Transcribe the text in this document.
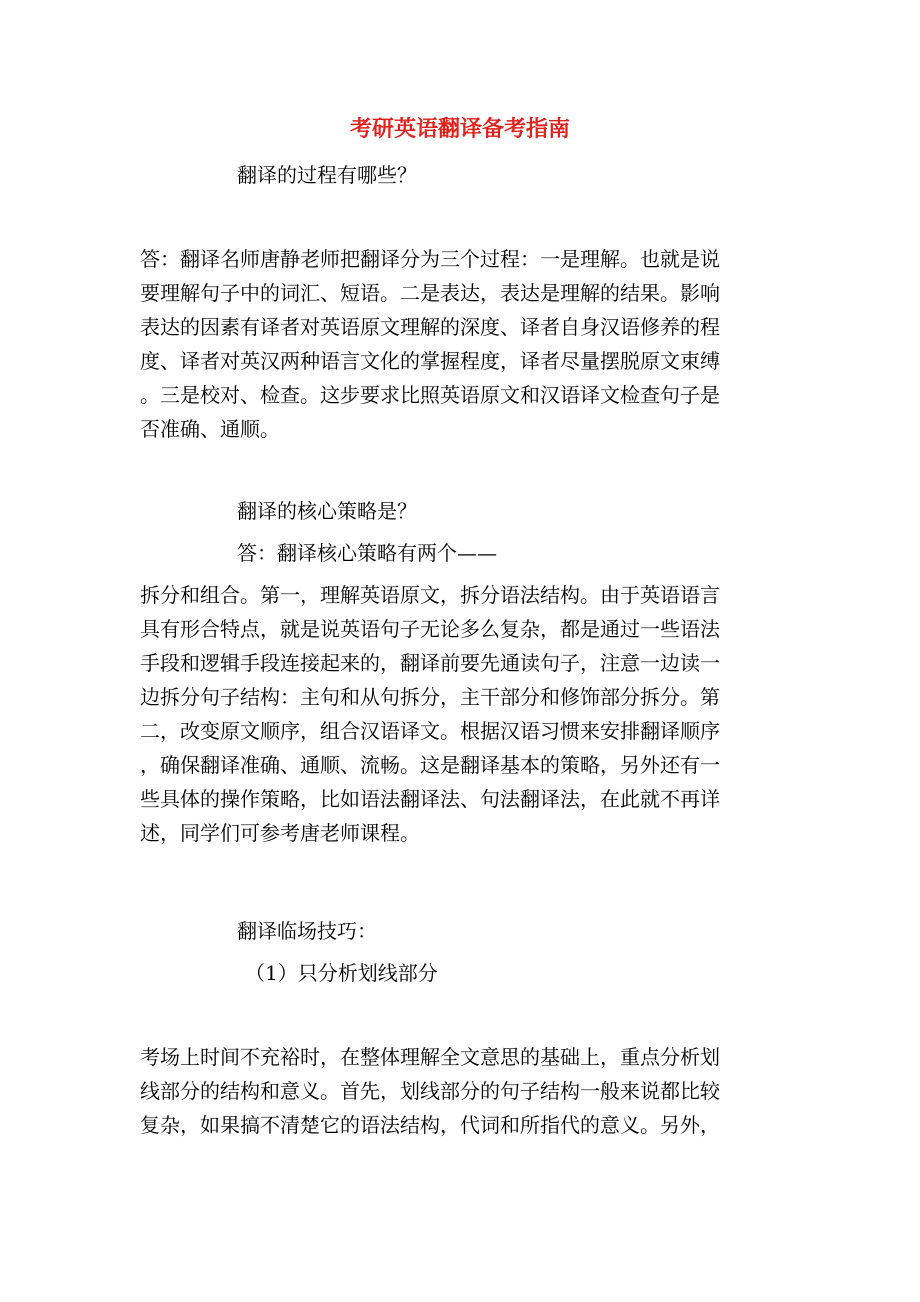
考研英语翻译备考指南
翻译的过程有哪些？
答：翻译名师唐静老师把翻译分为三个过程：一是理解。也就是说
要理解句子中的词汇、短语。二是表达，表达是理解的结果。影响
表达的因素有译者对英语原文理解的深度、译者自身汉语修养的程
度、译者对英汉两种语言文化的掌握程度，译者尽量摆脱原文束缚
。三是校对、检查。这步要求比照英语原文和汉语译文检查句子是
否准确、通顺。
翻译的核心策略是？
答：翻译核心策略有两个——
拆分和组合。第一，理解英语原文，拆分语法结构。由于英语语言
具有形合特点，就是说英语句子无论多么复杂，都是通过一些语法
手段和逻辑手段连接起来的，翻译前要先通读句子，注意一边读一
边拆分句子结构：主句和从句拆分，主干部分和修饰部分拆分。第
二，改变原文顺序，组合汉语译文。根据汉语习惯来安排翻译顺序
，确保翻译准确、通顺、流畅。这是翻译基本的策略，另外还有一
些具体的操作策略，比如语法翻译法、句法翻译法，在此就不再详
述，同学们可参考唐老师课程。
翻译临场技巧：
（1）只分析划线部分
考场上时间不充裕时，在整体理解全文意思的基础上，重点分析划
线部分的结构和意义。首先，划线部分的句子结构一般来说都比较
复杂，如果搞不清楚它的语法结构，代词和所指代的意义。另外，
